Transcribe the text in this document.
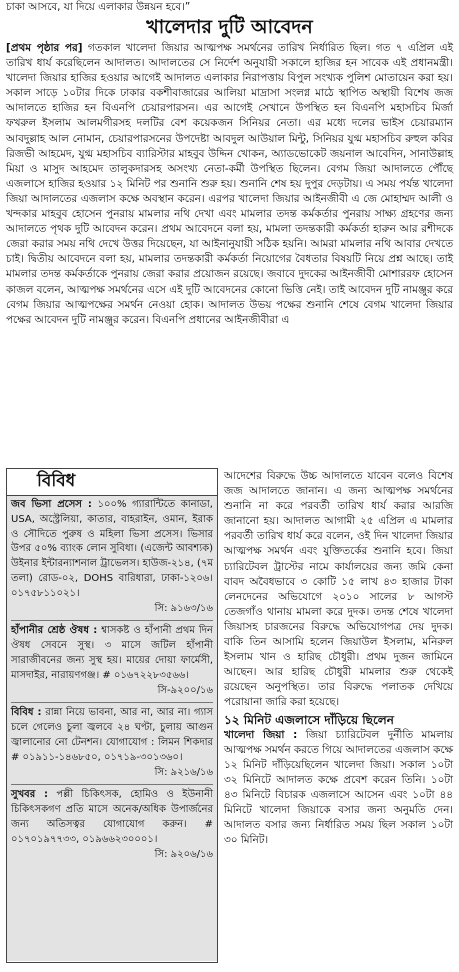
চাকা আসবে, যা দিয়ে এলাকার উন্নয়ন হবে।”
খালেদার দুটি আবেদন

[প্রথম পৃষ্ঠার পর] গতকাল খালেদা জিয়ার আত্মপক্ষ সমর্থনের তারিখ নির্ধারিত ছিল। গত ৭ এপ্রিল এই তারিখ ধার্য করেছিলেন আদালত। আদালতের সে নির্দেশ অনুযায়ী সকালে হাজির হন সাবেক এই প্রধানমন্ত্রী। খালেদা জিয়ার হাজির হওয়ার আগেই আদালত এলাকার নিরাপত্তায় বিপুল সংখ্যক পুলিশ মোতায়েন করা হয়। সকাল সাড়ে ১০টার দিকে ঢাকার বকশীবাজারের আলিয়া মাদ্রাসা সংলগ্ন মাঠে স্থাপিত অস্থায়ী বিশেষ জজ আদালতে হাজির হন বিএনপি চেয়ারপারসন। এর আগেই সেখানে উপস্থিত হন বিএনপি মহাসচিব মির্জা ফখরুল ইসলাম আলমগীরসহ দলটির বেশ কয়েকজন সিনিয়র নেতা। এর মধ্যে দলের ভাইস চেয়ারম্যান আবদুল্লাহ আল নোমান, চেয়ারপারসনের উপদেষ্টা আবদুল আউয়াল মিন্টু, সিনিয়র যুগ্ম মহাসচিব রুহুল কবির রিজভী আহমেদ, যুগ্ম মহাসচিব ব্যারিস্টার মাহবুব উদ্দিন খোকন, অ্যাডভোকেট জয়নাল আবেদিন, সানাউল্লাহ মিয়া ও মাসুদ আহমেদ তালুকদারসহ অসংখ্য নেতা-কর্মী উপস্থিত ছিলেন। বেগম জিয়া আদালতে পৌঁছে এজলাসে হাজির হওয়ার ১২ মিনিট পর শুনানি শুরু হয়। শুনানি শেষ হয় দুপুর দেড়টায়। এ সময় পর্যন্ত খালেদা জিয়া আদালতের এজলাস কক্ষে অবস্থান করেন। এরপর খালেদা জিয়ার আইনজীবী এ জে মোহাম্মদ আলী ও খন্দকার মাহবুব হোসেন পুনরায় মামলার নথি দেখা এবং মামলার তদন্ত কর্মকর্তার পুনরায় সাক্ষ্য গ্রহণের জন্য আদালতে পৃথক দুটি আবেদন করেন। প্রথম আবেদনে বলা হয়, মামলা তদন্তকারী কর্মকর্তা হারুন আর রশীদকে জেরা করার সময় নথি দেখে উত্তর দিয়েছেন, যা আইনানুযায়ী সঠিক হয়নি। আমরা মামলার নথি আবার দেখতে চাই। দ্বিতীয় আবেদনে বলা হয়, মামলার তদন্তকারী কর্মকর্তা নিয়োগের বৈধতার বিষয়টি নিয়ে প্রশ্ন আছে। তাই মামলার তদন্ত কর্মকর্তাকে পুনরায় জেরা করার প্রয়োজন রয়েছে। জবাবে দুদকের আইনজীবী মোশাররফ হোসেন কাজল বলেন, আত্মপক্ষ সমর্থনের এসে এই দুটি আবেদনের কোনো ভিত্তি নেই। তাই আবেদন দুটি নামঞ্জুর করে বেগম জিয়ার আত্মপক্ষের সমর্থন নেওয়া হোক। আদালত উভয় পক্ষের শুনানি শেষে বেগম খালেদা জিয়ার পক্ষের আবেদন দুটি নামঞ্জুর করেন। বিএনপি প্রধানের আইনজীবীরা এ

বিবিধ
জব ভিসা প্রসেস : ১০০% গ্যারান্টিতে কানাডা, USA, অস্ট্রেলিয়া, কাতার, বাহরাইন, ওমান, ইরাক ও সৌদিতে পুরুষ ও মহিলা ভিসা প্রসেস। ভিসার উপর ৫০% ব্যাংক লোন সুবিধা। (এজেন্ট আবশ্যক) উইনার ইন্টারন্যাশনাল ট্রাভেলস। হাউজ-২১৪, (৭ম তলা) রোড-০২, DOHS বারিধারা, ঢাকা-১২০৬। ০১৭৫৮১১০২১।
সি: ৯১৬৩/১৬
হাঁপানীর শ্রেষ্ঠ ঔষধ : শ্বাসকষ্ট ও হাঁপানী প্রথম দিন ঔষধ সেবনে সুস্থ। ৩ মাসে জটিল হাঁপানী সারাজীবনের জন্য সুস্থ হয়। মায়ের দোয়া ফার্মেসী, মাসদাইর, নারায়ণগঞ্জ। # ০১৬৭২২৮৩৫৬৬।
সি-৯২০০/১৬
বিবিধ : রান্না নিয়ে ভাবনা, আর না, আর না। গ্যাস চলে গেলেও চুলা জ্বলবে ২৪ ঘণ্টা, চুলায় আগুন জ্বালানোর নো টেনশন। যোগাযোগ : লিমন শিকদার # ০১৯১১-১৪৬৮৫০, ০১৭১৯-৩০১৩৬০।
সি: ৯২১৬/১৬
সুখবর : পল্লী চিকিৎসক, হোমিও ও ইউনানী চিকিৎসকগণ প্রতি মাসে অনেক/অধিক উপার্জনের জন্য অতিসত্বর যোগাযোগ করুন। # ০১৭০১৯৭৭৩৩, ০১৯৬৬২৩০০০১।
সি: ৯২০৬/১৬

আদেশের বিরুদ্ধে উচ্চ আদালতে যাবেন বলেও বিশেষ জজ আদালতে জানান। এ জন্য আত্মপক্ষ সমর্থনের শুনানি না করে পরবর্তী তারিখ ধার্য করার আরজি জানানো হয়। আদালত আগামী ২৫ এপ্রিল এ মামলার পরবর্তী তারিখ ধার্য করে বলেন, ওই দিন খালেদা জিয়ার আত্মপক্ষ সমর্থন এবং যুক্তিতর্কের শুনানি হবে। জিয়া চ্যারিটেবল ট্রাস্টের নামে কার্যালয়ের জন্য জমি কেনা বাবদ অবৈধভাবে ৩ কোটি ১৫ লাখ ৪৩ হাজার টাকা লেনদেনের অভিযোগে ২০১০ সালের ৮ আগস্ট তেজগাঁও থানায় মামলা করে দুদক। তদন্ত শেষে খালেদা জিয়াসহ চারজনের বিরুদ্ধে অভিযোগপত্র দেয় দুদক। বাকি তিন আসামি হলেন জিয়াউল ইসলাম, মনিরুল ইসলাম খান ও হারিছ চৌধুরী। প্রথম দুজন জামিনে আছেন। আর হারিছ চৌধুরী মামলার শুরু থেকেই রয়েছেন অনুপস্থিত। তার বিরুদ্ধে পলাতক দেখিয়ে পরোয়ানা জারি করা হয়েছে।

১২ মিনিট এজলাসে দাঁড়িয়ে ছিলেন

খালেদা জিয়া : জিয়া চ্যারিটেবল দুর্নীতি মামলায় আত্মপক্ষ সমর্থন করতে গিয়ে আদালতের এজলাস কক্ষে ১২ মিনিট দাঁড়িয়েছিলেন খালেদা জিয়া। সকাল ১০টা ৩২ মিনিটে আদালত কক্ষে প্রবেশ করেন তিনি। ১০টা ৪৩ মিনিটে বিচারক এজলাসে আসেন এবং ১০টা ৪৪ মিনিটে খালেদা জিয়াকে বসার জন্য অনুমতি দেন। আদালত বসার জন্য নির্ধারিত সময় ছিল সকাল ১০টা ৩০ মিনিট।
